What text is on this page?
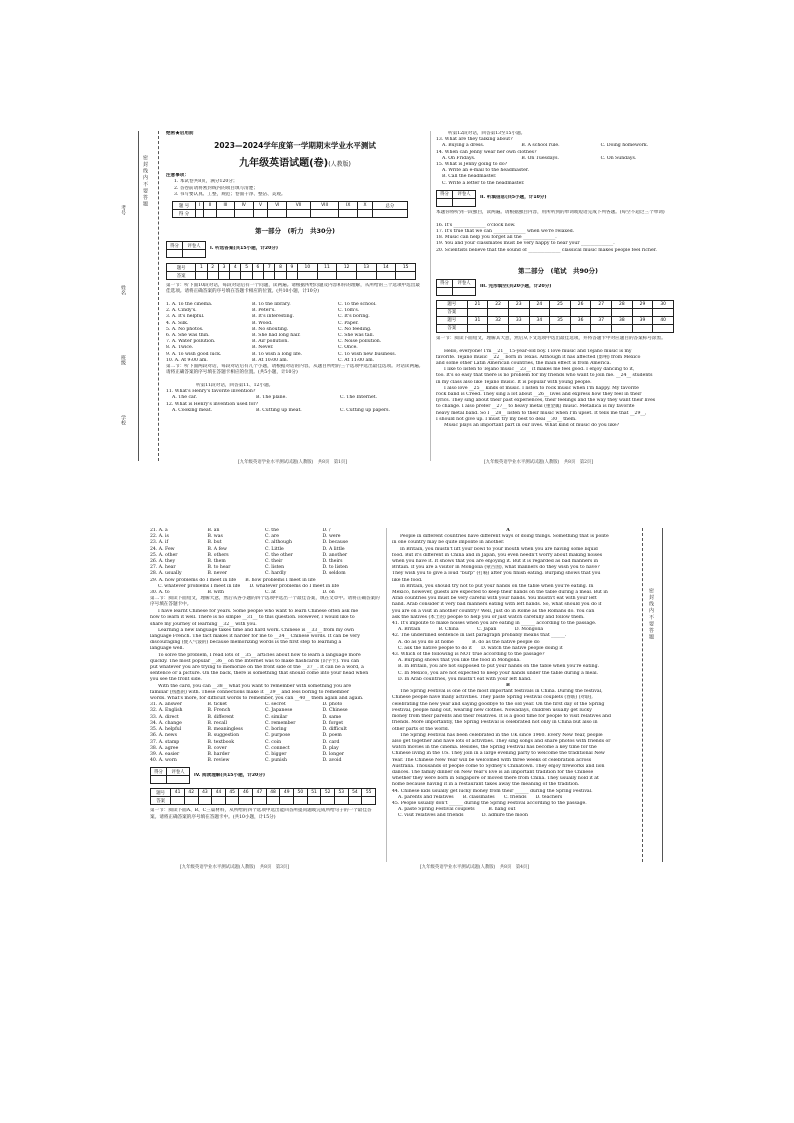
密 封 线 内 不 要 答 题
学校
班级
姓名
考号
绝密★启用前
2023—2024学年度第一学期期末学业水平测试
九年级英语试题(卷)(人教版)
注意事项：
1. 本试卷共8页，满分120分；
2. 答卷前请将密封线内的项目填写清楚；
3. 书写要认真、工整，规范；卷面干净、整洁、美观。
题 号	I	II	III	IV	V	VI	VII	VIII	IX	X	总分
得 分											
第一部分　(听力　共30分)
得分	评卷人

I. 听选答案(共15小题，计20分)
题号	1	2	3	4	5	6	7	8	9	10	11	12	13	14	15
答案															
第一节：听下面10段对话，每段对话后有一个问题，读两遍。请根据所给问题及内容和你的理解，从所给的三个选项中选出最佳选项。请将正确答案的序号填在答题卡相应的位置。(共10小题，计10分)
1. A. To the cinema.	B. To the library.	C. To the school.
2. A. Cindy's.	B. Peter's.	C. Tom's.
3. A. It's helpful.	B. It's interesting.	C. It's boring.
4. A. Silk.	B. Wood.	C. Paper.
5. A. No photos.	B. No shouting.	C. No feeding.
6. A. She was thin.	B. She had long hair.	C. She was tall.
7. A. Water pollution.	B. Air pollution.	C. Noise pollution.
8. A. Twice.	B. Never.	C. Once.
9. A. To wish good luck.	B. To wish a long life.	C. To wish new business.
10. A. At 9:00 am.	B. At 10:00 am.	C. At 11:00 am.
第二节：听下面两段对话，每段对话后有几个小题，请根据对话的内容，从题目所给的三个选项中选出最佳选项。对话读两遍。请将正确答案的序号填在答题卡相应的位置。(共5小题，计10分)
听第11段对话，回答第11、12小题。
11. What's Henry's favorite invention?
A. The car.	B. The plane.	C. The Internet.
12. What is Henry's invention used for?
A. Cooking meat.	B. Cutting up meat.	C. Cutting up papers.
[九年级英语学业水平测试试题(人教版)　共8页　第1页]
听第12段对话，回答第13至15小题。
13. What are they talking about?
A. Buying a dress.	B. A school rule.	C. Doing homework.
14. When can Jenny wear her own clothes?
A. On Fridays.	B. On Tuesdays.	C. On Sundays.
15. What is Jenny going to do?
A. Write an e-mail to the headmaster.
B. Call the headmaster.
C. Write a letter to the headmaster.
得分	评卷人

II. 听填信息(共5小题，计10分)
本题你将听到一段独白，读两遍。请根据独白内容，用所听到的单词或短语完成下列各题。(每空不超过三个单词)
16. It's ______________ o'clock now.
17. It's true that we can ______________ when we're relaxed.
18. Music can help you forget all the ______________.
19. You and your classmates must be very happy to hear your ______________.
20. Scientists believe that the sound of ______________ classical music makes people feel richer.
第二部分　(笔试　共90分)
得分	评卷人

III. 完形填空(共20小题，计20分)
题号	21	22	23	24	25	26	27	28	29	30
答案										
题号	31	32	33	34	35	36	37	38	39	40
答案										
第一节：阅读下面短文，理解其大意，然后从下文选项中选出最佳选项，并将答题卡中对应题目的答案标号涂黑。
Hello, everyone! I'm __21__ 15-year-old boy. I love music and Tejano music is my
favorite. Tejano music __22__ born in Texas. Although it has affected (影响) from Mexico
and some other Latin American countries, the main effect is from America.
I like to listen to Tejano music __23__ it makes me feel good. I enjoy dancing to it,
too. It's so easy that there is no problem for my friends who want to join me. __24__ students
in my class also like Tejano music. It is popular with young people.
I also love __25__ kinds of music. I listen to rock music when I'm happy. My favorite
rock band is Creed. They sing a lot about __26__ lives and express how they feel in their
lyrics. They sing about their past experiences, their feelings and the way they want their lives
to change. I also prefer __27__ to heavy metal (重金属) music. Metallica is my favorite
heavy metal band. So I __28__ listen to their music when I'm upset. It tells me that __29__,
I should not give up. I must try my best to deal __30__ them.
Music plays an important part in our lives. What kind of music do you like?
[九年级英语学业水平测试试题(人教版)　共8页　第2页]
21. A. a	B. an	C. the	D. /
22. A. is	B. was	C. are	D. were
23. A. if	B. but	C. although	D. because
24. A. Few	B. A few	C. Little	D. A little
25. A. other	B. others	C. the other	D. another
26. A. they	B. them	C. their	D. theirs
27. A. hear	B. to hear	C. listen	D. to listen
28. A. usually	B. never	C. hardly	D. seldom
29. A. how problems do I meet in life　　B. how problems I meet in life
C. whatever problems I meet in life　　D. whatever problems do I meet in life
30. A. to	B. with	C. at	D. on
第二节：阅读下面短文，理解大意，然后从各小题的四个选项中选出一个最佳答案，填在文章中。请将正确答案的序号填在答题卡中。
I have learnt Chinese for years. Some people who want to learn Chinese often ask me
how to learn it well. There is no simple __31__ to this question. However, I would like to
share my journey of learning __32__ with you.
Learning a new language takes time and hard work. Chinese is __33__ from my own
language French. The fact makes it harder for me to __34__ Chinese words. It can be very
discouraging (使人气馁的) because memorizing words is the first step to learning a
language well.
To solve the problem, I read lots of __35__ articles about how to learn a language more
quickly. The most popular __36__ on the Internet was to make flashcards (识字卡). You can
put whatever you are trying to memorize on the front side of the __37__. It can be a word, a
sentence or a picture. On the back, there is something that should come into your head when
you see the front side.
With the card, you can __38__ what you want to remember with something you are
familiar (熟悉的) with. These connections make it __39__ and less boring to remember
words. What's more, for difficult words to remember, you can __40__ them again and again.
31. A. answer	B. ticket	C. secret	D. photo
32. A. English	B. French	C. Japanese	D. Chinese
33. A. direct	B. different	C. similar	D. same
34. A. change	B. recall	C. remember	D. forget
35. A. helpful	B. meaningless	C. boring	D. difficult
36. A. news	B. suggestion	C. purpose	D. poem
37. A. stamp	B. textbook	C. coin	D. card
38. A. agree	B. cover	C. connect	D. play
39. A. easier	B. harder	C. bigger	D. longer
40. A. worn	B. review	C. punish	D. avoid
得分	评卷人

IV. 阅读理解(共15小题，计20分)
题号	41	42	43	44	45	46	47	48	49	50	51	52	53	54	55
答案															
第一节：阅读下面A、B、C三篇材料，从所给的四个选项中选出能回答所提问题或完成所给句子的一个最佳答案。请将正确答案的序号填在答题卡中。(共10小题，计15分)
[九年级英语学业水平测试试题(人教版)　共8页　第3页]
A
People in different countries have different ways of doing things. Something that is polite
in one country may be quite impolite in another.
In Britain, you mustn't lift your bowl to your mouth when you are having some liquid
food. But it's different in China and in Japan, you even needn't worry about making noises
when you have it. It shows that you are enjoying it. But it is regarded as bad manners in
Britain. If you are a visitor in Mongolia (蒙古国), what manners do they wish you to have?
They wish you to give a loud "burp" (打嗝) after you finish eating. Burping shows that you
like the food.
In Britain, you should try not to put your hands on the table when you're eating. In
Mexico, however, guests are expected to keep their hands on the table during a meal. But in
Arab countries you must be very careful with your hands. You mustn't eat with your left
hand. Arab consider it very bad manners eating with left hands. So, what should you do if
you are on a visit in another country? Well, Just do in Rome as the Romans do. You can
ask the natives (本土的) people to help you or just watch carefully and follow them.
41. It's impolite to make noises when you are eating in ______ according to the passage.
A. Britain　　　　B. China　　　　C. Japan　　　　D. Mongolia
42. The underlined sentence in last paragraph probably means that ______.
A. do as you do at home　　　　B. do as the native people do
C. ask the native people to do it　　D. watch the native people doing it
43. Which of the following is NOT true according to the passage?
A. Burping shows that you like the food in Mongolia.
B. In Britain, you are not supposed to put your hands on the table when you're eating.
C. In Mexico, you are not expected to keep your hands under the table during a meal.
D. In Arab countries, you mustn't eat with your left hand.
B
The Spring Festival is one of the most important festivals in China. During the festival,
Chinese people have many activities. They paste Spring Festival couplets (春联) (对联),
celebrating the new year and saying goodbye to the old year. On the first day of the Spring
Festival, people hang out, wearing new clothes. Nowadays, children usually get lucky
money from their parents and their relatives. It is a good time for people to visit relatives and
friends. More importantly, the Spring Festival is celebrated not only in China but also in
other parts of the world.
The Spring Festival has been celebrated in the UK since 1960. Every New Year, people
also get together and have lots of activities. They sing songs and share photos with friends or
watch movies in the cinema. Besides, the Spring Festival has become a key time for the
Chinese living in the US. They join in a large evening party to welcome the traditional New
Year. The Chinese New Year will be welcomed with three weeks of celebration across
Australia. Thousands of people come to Sydney's Chinatown. They enjoy fireworks and lion
dances. The family dinner on New Year's Eve is an important tradition for the Chinese
whether they were born in Singapore or moved there from China. They usually hold it at
home because having it in a restaurant takes away the meaning of the tradition.
44. Chinese kids usually get lucky money from their ______ during the Spring Festival.
A. parents and relatives　　B. classmates　　C. friends　　D. teachers
45. People usually don't ______ during the Spring Festival according to the passage.
A. paste Spring Festival couplets　　　B. hang out
C. visit relatives and friends　　　　D. admire the moon
[九年级英语学业水平测试试题(人教版)　共8页　第4页]
密 封 线 内 不 要 答 题
